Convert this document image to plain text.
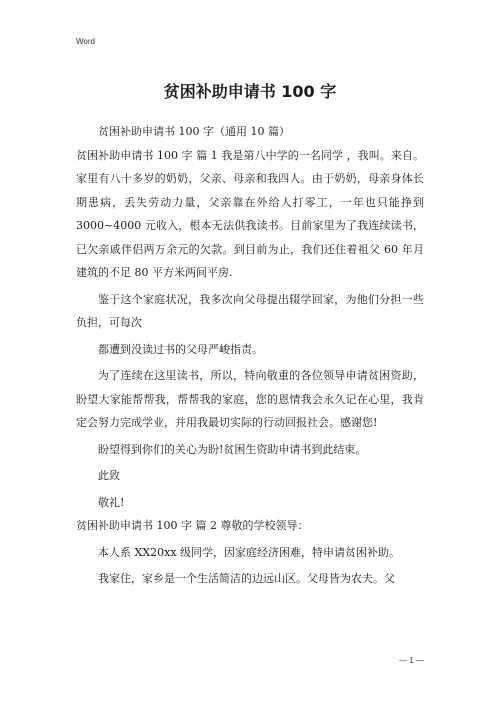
Word
贫困补助申请书 100 字

贫困补助申请书 100 字（通用 10 篇）

贫困补助申请书 100 字 篇 1 我是第八中学的一名同学 ，我叫。来自。家里有八十多岁的奶奶，父亲、母亲和我四人。由于奶奶，母亲身体长期患病，丢失劳动力量，父亲靠在外给人打零工，一年也只能挣到 3000~4000 元收入，根本无法供我读书。目前家里为了我连续读书，已欠亲戚伴侣两万余元的欠款。到目前为止，我们还住着祖父 60 年月建筑的不足 80 平方米两间平房.

鉴于这个家庭状况，我多次向父母提出辍学回家，为他们分担一些负担，可每次

都遭到没读过书的父母严峻指责。

为了连续在这里读书，所以，特向敬重的各位领导申请贫困资助，盼望大家能帮帮我，帮帮我的家庭，您的恩情我会永久记在心里，我肯定会努力完成学业，并用我最切实际的行动回报社会。感谢您!

盼望得到你们的关心为盼!贫困生资助申请书到此结束。

此致

敬礼!

贫困补助申请书 100 字 篇 2 尊敬的学校领导：

本人系 XX20xx 级同学，因家庭经济困难，特申请贫困补助。

我家住，家乡是一个生活简洁的边远山区。父母皆为农夫。父

— 1 —
